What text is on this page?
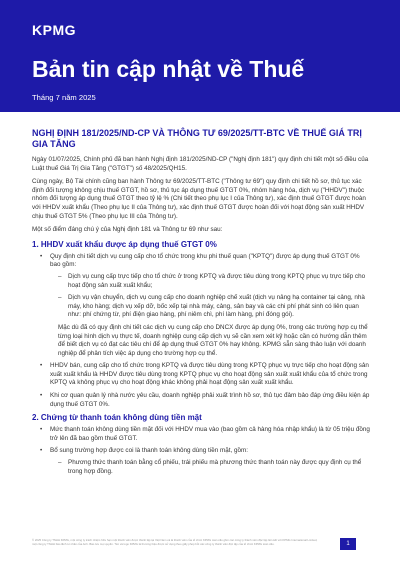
KPMG
Bản tin cập nhật về Thuế
Tháng 7 năm 2025
NGHỊ ĐỊNH 181/2025/ND-CP VÀ THÔNG TƯ 69/2025/TT-BTC VỀ THUẾ GIÁ TRỊ GIA TĂNG

Ngày 01/07/2025, Chính phủ đã ban hành Nghị định 181/2025/ND-CP ("Nghị định 181") quy định chi tiết một số điều của Luật thuế Giá Trị Gia Tăng ("GTGT") số 48/2025/QH15.

Cùng ngày, Bộ Tài chính cũng ban hành Thông tư 69/2025/TT-BTC ("Thông tư 69") quy định chi tiết hồ sơ, thủ tục xác định đối tượng không chịu thuế GTGT, hồ sơ, thủ tục áp dụng thuế GTGT 0%, nhóm hàng hóa, dịch vụ ("HHDV") thuộc nhóm đối tượng áp dụng thuế GTGT theo tỷ lệ % (Chi tiết theo phụ lục I của Thông tư), xác định thuế GTGT được hoàn với HHDV xuất khẩu (Theo phụ lục II của Thông tư), xác định thuế GTGT được hoàn đối với hoạt động sản xuất HHDV chịu thuế GTGT 5% (Theo phụ lục III của Thông tư).

Một số điểm đáng chú ý của Nghị định 181 và Thông tư 69 như sau:

1. HHDV xuất khẩu được áp dụng thuế GTGT 0%
• Quy định chi tiết dịch vụ cung cấp cho tổ chức trong khu phi thuế quan ("KPTQ") được áp dụng thuế GTGT 0% bao gồm:
– Dịch vụ cung cấp trực tiếp cho tổ chức ở trong KPTQ và được tiêu dùng trong KPTQ phục vụ trực tiếp cho hoạt động sản xuất xuất khẩu;
– Dịch vụ vận chuyển, dịch vụ cung cấp cho doanh nghiệp chế xuất (dịch vụ nâng hạ container tại cảng, nhà máy, kho hàng; dịch vụ xếp dỡ, bốc xếp tại nhà máy, cảng, sân bay và các chi phí phát sinh có liên quan như: phí chứng từ, phí điện giao hàng, phí niêm chì, phí làm hàng, phí đóng gói).
Mặc dù đã có quy định chi tiết các dịch vụ cung cấp cho DNCX được áp dụng 0%, trong các trường hợp cụ thể từng loại hình dịch vụ thực tế, doanh nghiệp cung cấp dịch vụ sẽ cần xem xét kỹ hoặc cần có hướng dẫn thêm để biết dịch vụ có đạt các tiêu chí để áp dụng thuế GTGT 0% hay không. KPMG sẵn sàng thảo luận với doanh nghiệp để phân tích việc áp dụng cho trường hợp cụ thể.
• HHDV bán, cung cấp cho tổ chức trong KPTQ và được tiêu dùng trong KPTQ phục vụ trực tiếp cho hoạt động sản xuất xuất khẩu là HHDV được tiêu dùng trong KPTQ phục vụ cho hoạt động sản xuất xuất khẩu của tổ chức trong KPTQ và không phục vụ cho hoạt động khác không phải hoạt động sản xuất xuất khẩu.
• Khi cơ quan quản lý nhà nước yêu cầu, doanh nghiệp phải xuất trình hồ sơ, thủ tục đảm bảo đáp ứng điều kiện áp dụng thuế GTGT 0%.
2. Chứng từ thanh toán không dùng tiền mặt
• Mức thanh toán không dùng tiền mặt đối với HHDV mua vào (bao gồm cả hàng hóa nhập khẩu) là từ 05 triệu đồng trở lên đã bao gồm thuế GTGT.
• Bổ sung trường hợp được coi là thanh toán không dùng tiền mặt, gồm:
– Phương thức thanh toán bằng cổ phiếu, trái phiếu mà phương thức thanh toán này được quy định cụ thể trong hợp đồng.
© 2025 Công ty TNHH KPMG, một công ty trách nhiệm hữu hạn một thành viên được thành lập tại Việt Nam và là thành viên của tổ chức KPMG toàn cầu gồm các công ty thành viên độc lập liên kết với KPMG International Limited, một công ty TNHH bảo lãnh tư nhân của Anh. Bảo lưu mọi quyền. Tên và logo KPMG là thương hiệu được sử dụng theo giấy phép bởi các công ty thành viên độc lập của tổ chức KPMG toàn cầu.	1
